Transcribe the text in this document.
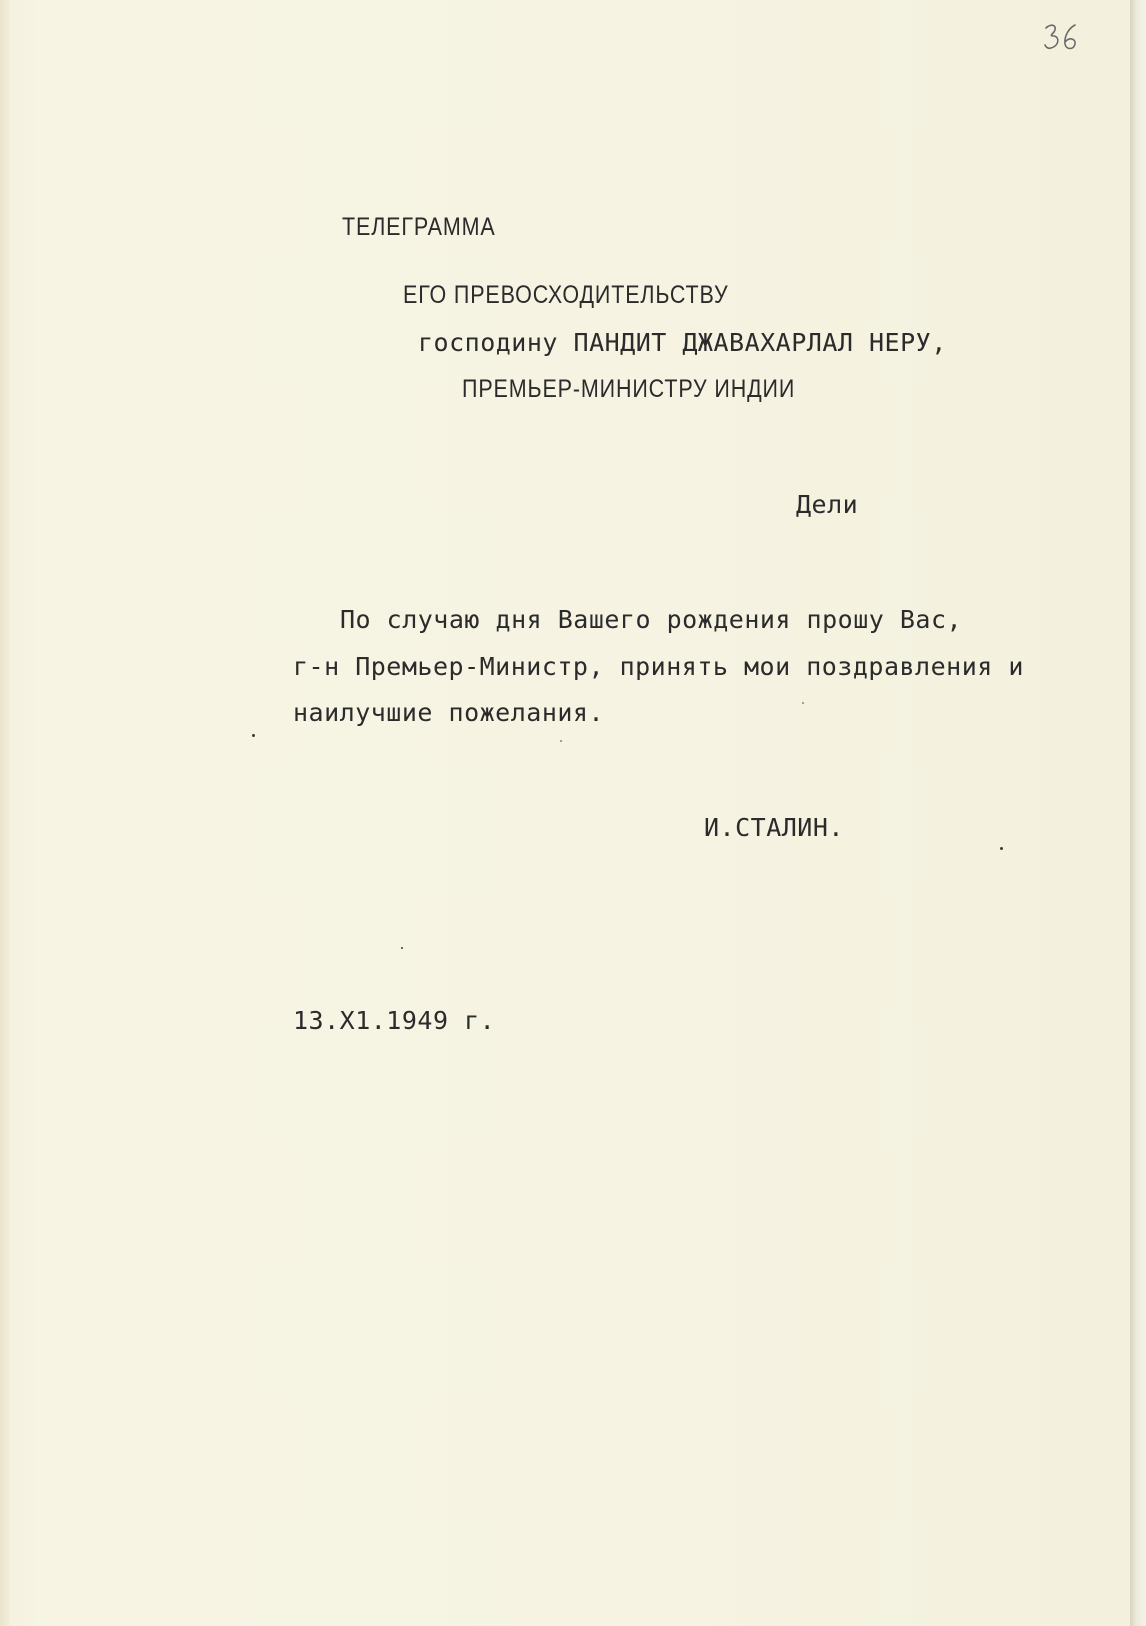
ТЕЛЕГРАММА

ЕГО ПРЕВОСХОДИТЕЛЬСТВУ

господину ПАНДИТ ДЖАВАХАРЛАЛ НЕРУ,

ПРЕМЬЕР-МИНИСТРУ ИНДИИ

Дели

По случаю дня Вашего рождения прошу Вас,

г-н Премьер-Министр, принять мои поздравления и

наилучшие пожелания.

И.СТАЛИН.

13.Х1.1949 г.
